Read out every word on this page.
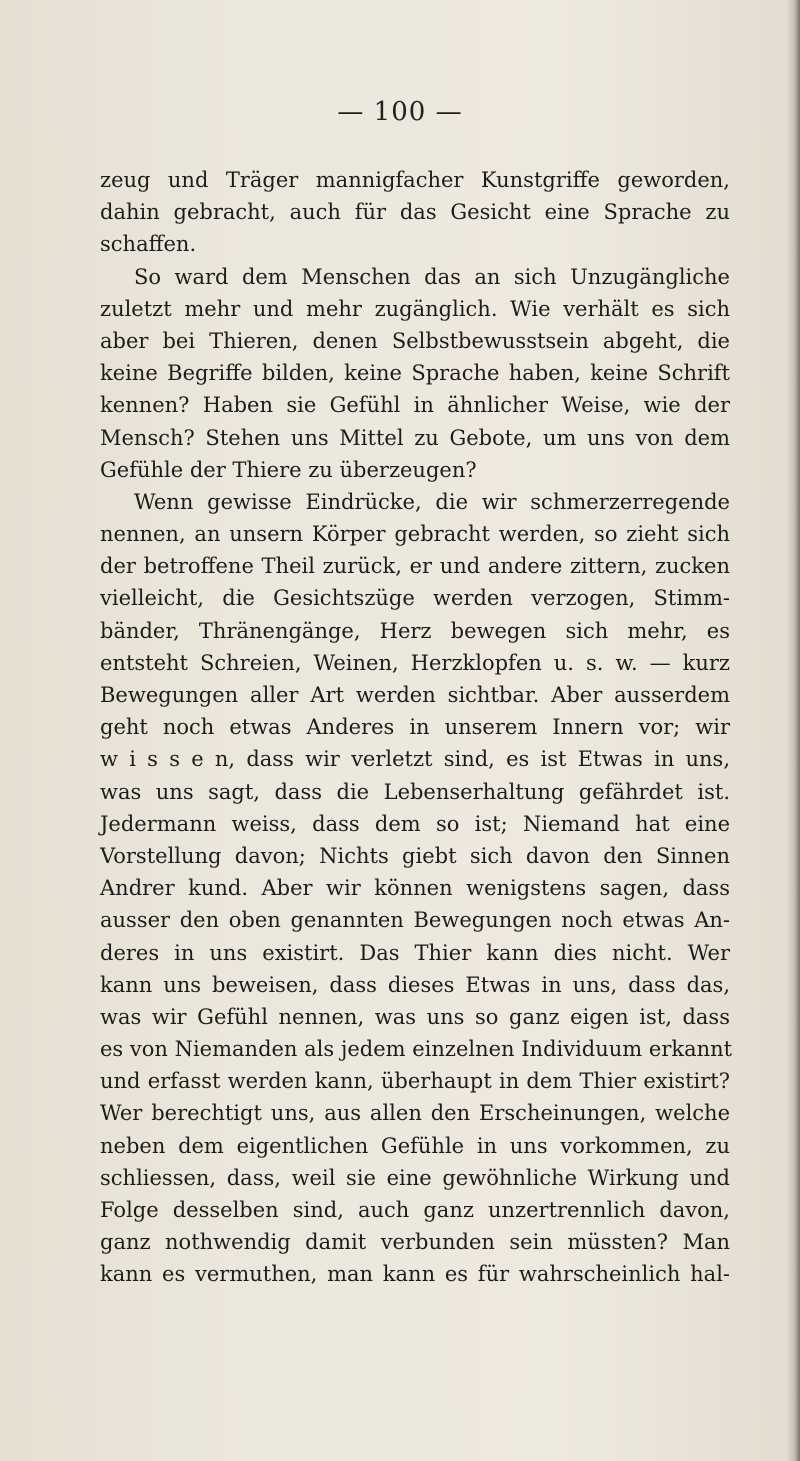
— 100 —
zeug und Träger mannigfacher Kunstgriffe geworden,
dahin gebracht, auch für das Gesicht eine Sprache zu
schaffen.
So ward dem Menschen das an sich Unzugängliche
zuletzt mehr und mehr zugänglich. Wie verhält es sich
aber bei Thieren, denen Selbstbewusstsein abgeht, die
keine Begriffe bilden, keine Sprache haben, keine Schrift
kennen? Haben sie Gefühl in ähnlicher Weise, wie der
Mensch? Stehen uns Mittel zu Gebote, um uns von dem
Gefühle der Thiere zu überzeugen?
Wenn gewisse Eindrücke, die wir schmerzerregende
nennen, an unsern Körper gebracht werden, so zieht sich
der betroffene Theil zurück, er und andere zittern, zucken
vielleicht, die Gesichtszüge werden verzogen, Stimm-
bänder, Thränengänge, Herz bewegen sich mehr, es
entsteht Schreien, Weinen, Herzklopfen u. s. w. — kurz
Bewegungen aller Art werden sichtbar. Aber ausserdem
geht noch etwas Anderes in unserem Innern vor; wir
w i s s e n, dass wir verletzt sind, es ist Etwas in uns,
was uns sagt, dass die Lebenserhaltung gefährdet ist.
Jedermann weiss, dass dem so ist; Niemand hat eine
Vorstellung davon; Nichts giebt sich davon den Sinnen
Andrer kund. Aber wir können wenigstens sagen, dass
ausser den oben genannten Bewegungen noch etwas An-
deres in uns existirt. Das Thier kann dies nicht. Wer
kann uns beweisen, dass dieses Etwas in uns, dass das,
was wir Gefühl nennen, was uns so ganz eigen ist, dass
es von Niemanden als jedem einzelnen Individuum erkannt
und erfasst werden kann, überhaupt in dem Thier existirt?
Wer berechtigt uns, aus allen den Erscheinungen, welche
neben dem eigentlichen Gefühle in uns vorkommen, zu
schliessen, dass, weil sie eine gewöhnliche Wirkung und
Folge desselben sind, auch ganz unzertrennlich davon,
ganz nothwendig damit verbunden sein müssten? Man
kann es vermuthen, man kann es für wahrscheinlich hal-
